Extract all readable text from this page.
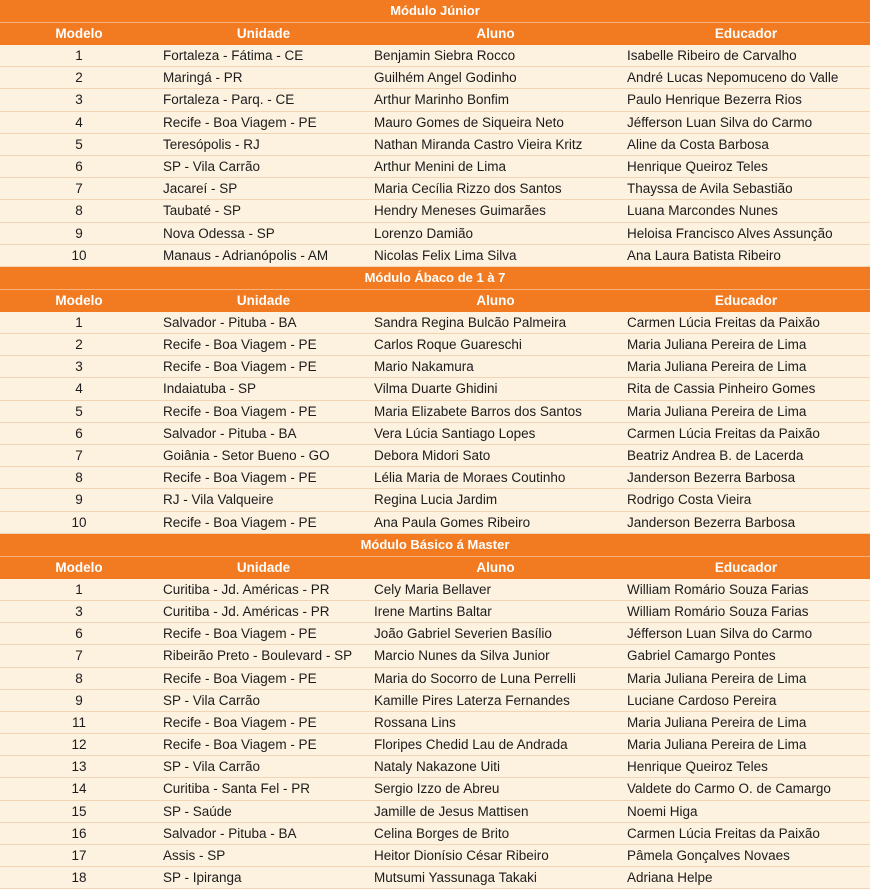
Módulo Júnior
Modelo	Unidade	Aluno	Educador
1	Fortaleza - Fátima - CE	Benjamin Siebra Rocco	Isabelle Ribeiro de Carvalho
2	Maringá - PR	Guilhém Angel Godinho	André Lucas Nepomuceno do Valle
3	Fortaleza - Parq. - CE	Arthur Marinho Bonfim	Paulo Henrique Bezerra Rios
4	Recife - Boa Viagem - PE	Mauro Gomes de Siqueira Neto	Jéfferson Luan Silva do Carmo
5	Teresópolis - RJ	Nathan Miranda Castro Vieira Kritz	Aline da Costa Barbosa
6	SP - Vila Carrão	Arthur Menini de Lima	Henrique Queiroz Teles
7	Jacareí - SP	Maria Cecília Rizzo dos Santos	Thayssa de Avila Sebastião
8	Taubaté - SP	Hendry Meneses Guimarães	Luana Marcondes Nunes
9	Nova Odessa - SP	Lorenzo Damião	Heloisa Francisco Alves Assunção
10	Manaus - Adrianópolis - AM	Nicolas Felix Lima Silva	Ana Laura Batista Ribeiro
Módulo Ábaco de 1 à 7
Modelo	Unidade	Aluno	Educador
1	Salvador - Pituba - BA	Sandra Regina Bulcão Palmeira	Carmen Lúcia Freitas da Paixão
2	Recife - Boa Viagem - PE	Carlos Roque Guareschi	Maria Juliana Pereira de Lima
3	Recife - Boa Viagem - PE	Mario Nakamura	Maria Juliana Pereira de Lima
4	Indaiatuba - SP	Vilma Duarte Ghidini	Rita de Cassia Pinheiro Gomes
5	Recife - Boa Viagem - PE	Maria Elizabete Barros dos Santos	Maria Juliana Pereira de Lima
6	Salvador - Pituba - BA	Vera Lúcia Santiago Lopes	Carmen Lúcia Freitas da Paixão
7	Goiânia - Setor Bueno - GO	Debora Midori Sato	Beatriz Andrea B. de Lacerda
8	Recife - Boa Viagem - PE	Lélia Maria de Moraes Coutinho	Janderson Bezerra Barbosa
9	RJ - Vila Valqueire	Regina Lucia Jardim	Rodrigo Costa Vieira
10	Recife - Boa Viagem - PE	Ana Paula Gomes Ribeiro	Janderson Bezerra Barbosa
Módulo Básico á Master
Modelo	Unidade	Aluno	Educador
1	Curitiba - Jd. Américas - PR	Cely Maria Bellaver	William Romário Souza Farias
3	Curitiba - Jd. Américas - PR	Irene Martins Baltar	William Romário Souza Farias
6	Recife - Boa Viagem - PE	João Gabriel Severien Basílio	Jéfferson Luan Silva do Carmo
7	Ribeirão Preto - Boulevard - SP	Marcio Nunes da Silva Junior	Gabriel Camargo Pontes
8	Recife - Boa Viagem - PE	Maria do Socorro de Luna Perrelli	Maria Juliana Pereira de Lima
9	SP - Vila Carrão	Kamille Pires Laterza Fernandes	Luciane Cardoso Pereira
11	Recife - Boa Viagem - PE	Rossana Lins	Maria Juliana Pereira de Lima
12	Recife - Boa Viagem - PE	Floripes Chedid Lau de Andrada	Maria Juliana Pereira de Lima
13	SP - Vila Carrão	Nataly Nakazone Uiti	Henrique Queiroz Teles
14	Curitiba - Santa Fel - PR	Sergio Izzo de Abreu	Valdete do Carmo O. de Camargo
15	SP - Saúde	Jamille de Jesus Mattisen	Noemi Higa
16	Salvador - Pituba - BA	Celina Borges de Brito	Carmen Lúcia Freitas da Paixão
17	Assis - SP	Heitor Dionísio César Ribeiro	Pâmela Gonçalves Novaes
18	SP - Ipiranga	Mutsumi Yassunaga Takaki	Adriana Helpe
